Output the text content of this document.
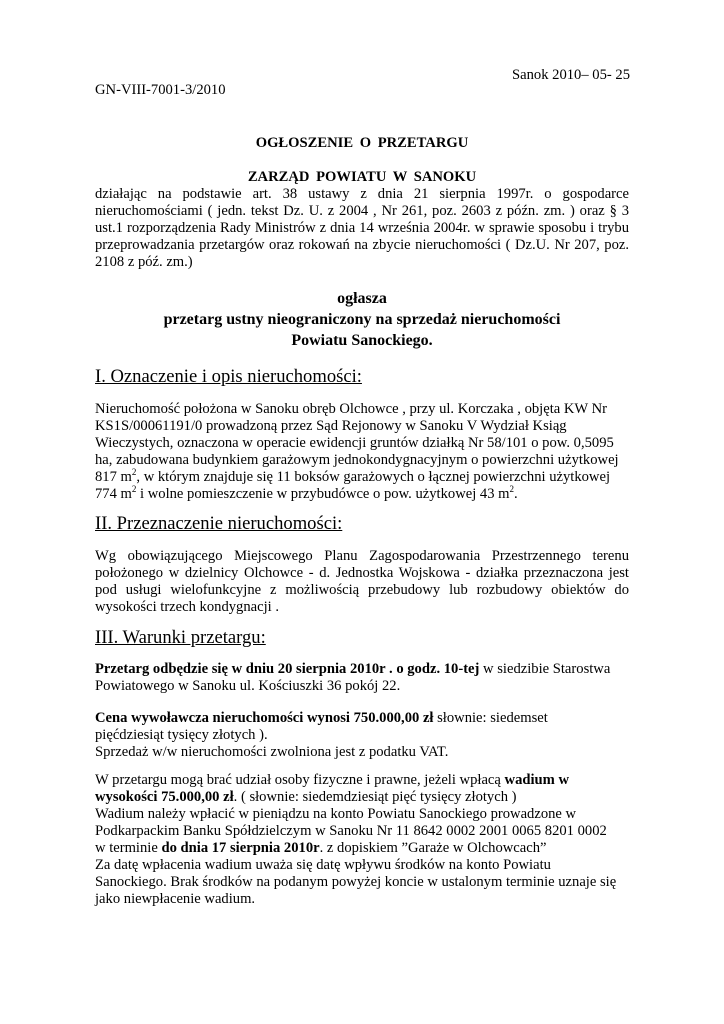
Sanok 2010– 05- 25
GN-VIII-7001-3/2010
OGŁOSZENIE O PRZETARGU
ZARZĄD POWIATU W SANOKU
działając na podstawie art. 38 ustawy z dnia 21 sierpnia 1997r. o gospodarce nieruchomościami ( jedn. tekst Dz. U. z 2004 , Nr 261, poz. 2603 z późn. zm. ) oraz § 3 ust.1 rozporządzenia Rady Ministrów z dnia 14 września 2004r. w sprawie sposobu i trybu przeprowadzania przetargów oraz rokowań na zbycie nieruchomości ( Dz.U. Nr 207, poz. 2108 z póź. zm.)
ogłasza
przetarg ustny nieograniczony na sprzedaż nieruchomości
Powiatu Sanockiego.
I. Oznaczenie i opis nieruchomości:
Nieruchomość położona w Sanoku obręb Olchowce , przy ul. Korczaka , objęta KW Nr
KS1S/00061191/0 prowadzoną przez Sąd Rejonowy w Sanoku V Wydział Ksiąg
Wieczystych, oznaczona w operacie ewidencji gruntów działką Nr 58/101 o pow. 0,5095
ha, zabudowana budynkiem garażowym jednokondygnacyjnym o powierzchni użytkowej
817 $m^2$, w którym znajduje się 11 boksów garażowych o łącznej powierzchni użytkowej
774 $m^2$ i wolne pomieszczenie w przybudówce o pow. użytkowej 43 $m^2$.
II. Przeznaczenie nieruchomości:
Wg obowiązującego Miejscowego Planu Zagospodarowania Przestrzennego terenu położonego w dzielnicy Olchowce - d. Jednostka Wojskowa - działka przeznaczona jest pod usługi wielofunkcyjne z możliwością przebudowy lub rozbudowy obiektów do wysokości trzech kondygnacji .
III. Warunki przetargu:
Przetarg odbędzie się w dniu 20 sierpnia 2010r . o godz. 10-tej w siedzibie Starostwa
Powiatowego w Sanoku ul. Kościuszki 36 pokój 22.
Cena wywoławcza nieruchomości wynosi 750.000,00 zł słownie: siedemset
pięćdziesiąt tysięcy złotych ).
Sprzedaż w/w nieruchomości zwolniona jest z podatku VAT.
W przetargu mogą brać udział osoby fizyczne i prawne, jeżeli wpłacą wadium w
wysokości 75.000,00 zł. ( słownie: siedemdziesiąt pięć tysięcy złotych )
Wadium należy wpłacić w pieniądzu na konto Powiatu Sanockiego prowadzone w
Podkarpackim Banku Spółdzielczym w Sanoku Nr 11 8642 0002 2001 0065 8201 0002
w terminie do dnia 17 sierpnia 2010r. z dopiskiem ”Garaże w Olchowcach”
Za datę wpłacenia wadium uważa się datę wpływu środków na konto Powiatu
Sanockiego. Brak środków na podanym powyżej koncie w ustalonym terminie uznaje się
jako niewpłacenie wadium.
